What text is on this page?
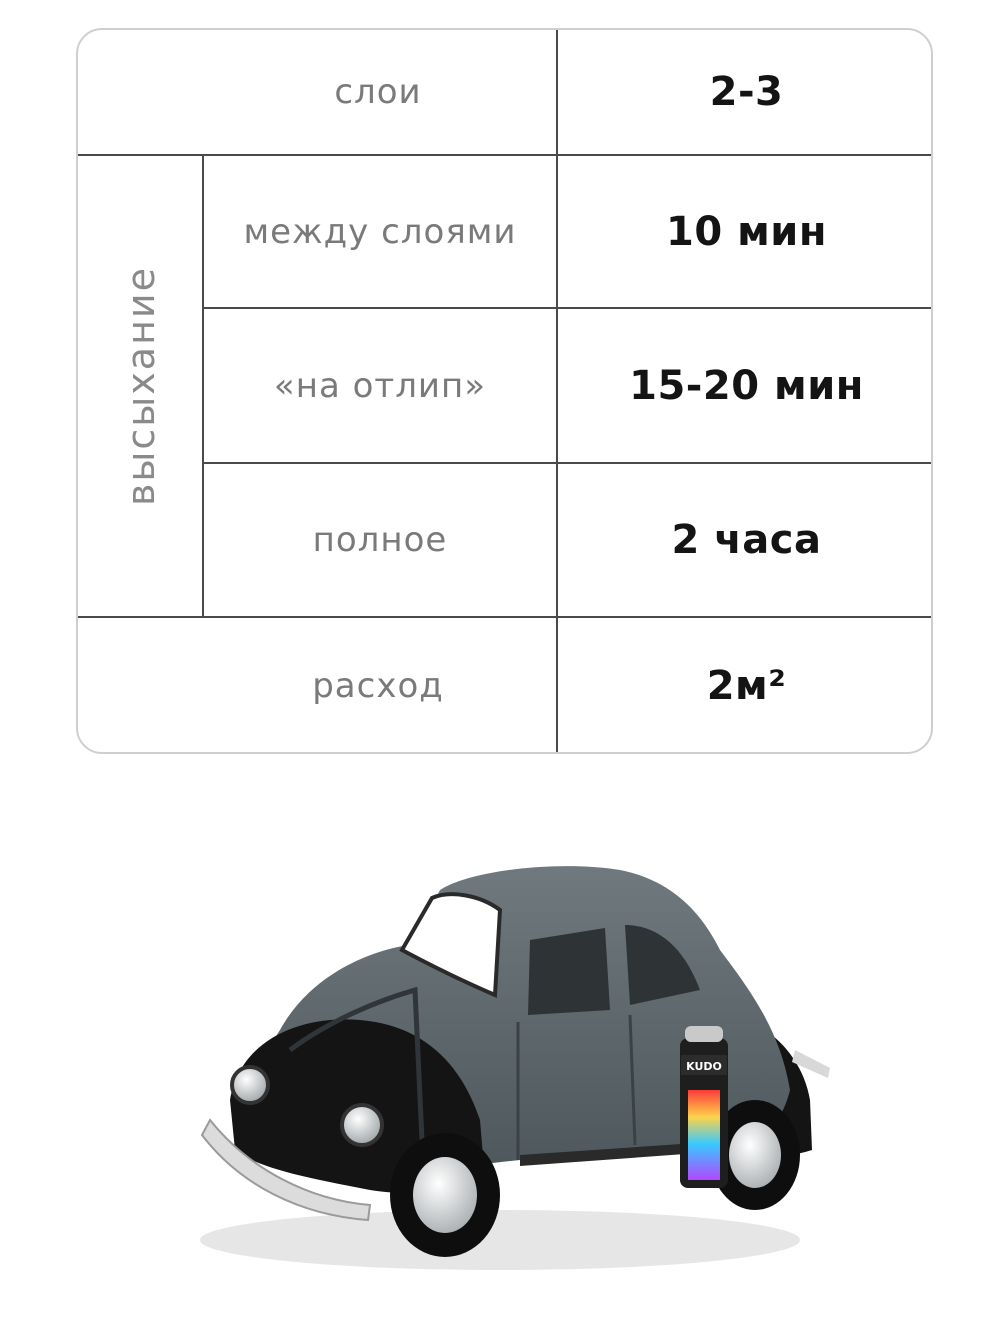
высыхание
слои	2-3
между слоями	10 мин
«на отлип»	15-20 мин
полное	2 часа
расход	2м²
KUDO
